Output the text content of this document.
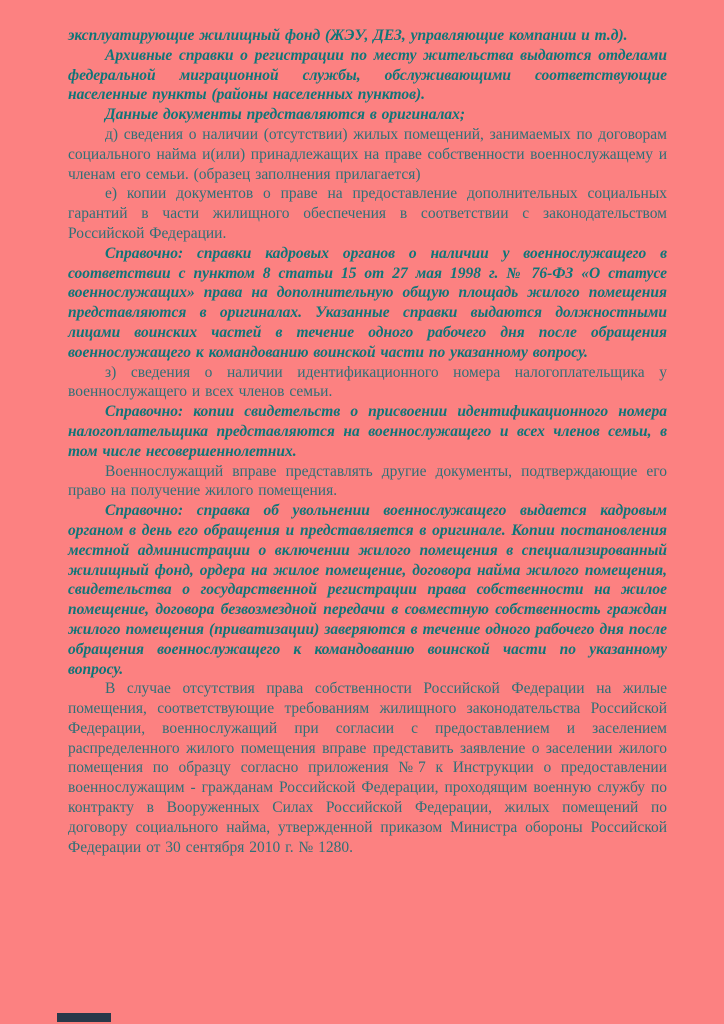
эксплуатирующие жилищный фонд (ЖЭУ, ДЕЗ, управляющие компании и т.д).

Архивные справки о регистрации по месту жительства выдаются отделами федеральной миграционной службы, обслуживающими соответствующие населенные пункты (районы населенных пунктов).

Данные документы представляются в оригиналах;

д) сведения о наличии (отсутствии) жилых помещений, занимаемых по договорам социального найма и(или) принадлежащих на праве собственности военнослужащему и членам его семьи. (образец заполнения прилагается)

е) копии документов о праве на предоставление дополнительных социальных гарантий в части жилищного обеспечения в соответствии с законодательством Российской Федерации.

Справочно: справки кадровых органов о наличии у военнослужащего в соответствии с пунктом 8 статьи 15 от 27 мая 1998 г. № 76-ФЗ «О статусе военнослужащих» права на дополнительную общую площадь жилого помещения представляются в оригиналах. Указанные справки выдаются должностными лицами воинских частей в течение одного рабочего дня после обращения военнослужащего к командованию воинской части по указанному вопросу.

з) сведения о наличии идентификационного номера налогоплательщика у военнослужащего и всех членов семьи.

Справочно: копии свидетельств о присвоении идентификационного номера налогоплательщика представляются на военнослужащего и всех членов семьи, в том числе несовершеннолетних.

Военнослужащий вправе представлять другие документы, подтверждающие его право на получение жилого помещения.

Справочно: справка об увольнении военнослужащего выдается кадровым органом в день его обращения и представляется в оригинале. Копии постановления местной администрации о включении жилого помещения в специализированный жилищный фонд, ордера на жилое помещение, договора найма жилого помещения, свидетельства о государственной регистрации права собственности на жилое помещение, договора безвозмездной передачи в совместную собственность граждан жилого помещения (приватизации) заверяются в течение одного рабочего дня после обращения военнослужащего к командованию воинской части по указанному вопросу.

В случае отсутствия права собственности Российской Федерации на жилые помещения, соответствующие требованиям жилищного законодательства Российской Федерации, военнослужащий при согласии с предоставлением и заселением распределенного жилого помещения вправе представить заявление о заселении жилого помещения по образцу согласно приложения №7 к Инструкции о предоставлении военнослужащим - гражданам Российской Федерации, проходящим военную службу по контракту в Вооруженных Силах Российской Федерации, жилых помещений по договору социального найма, утвержденной приказом Министра обороны Российской Федерации от 30 сентября 2010 г. № 1280.
